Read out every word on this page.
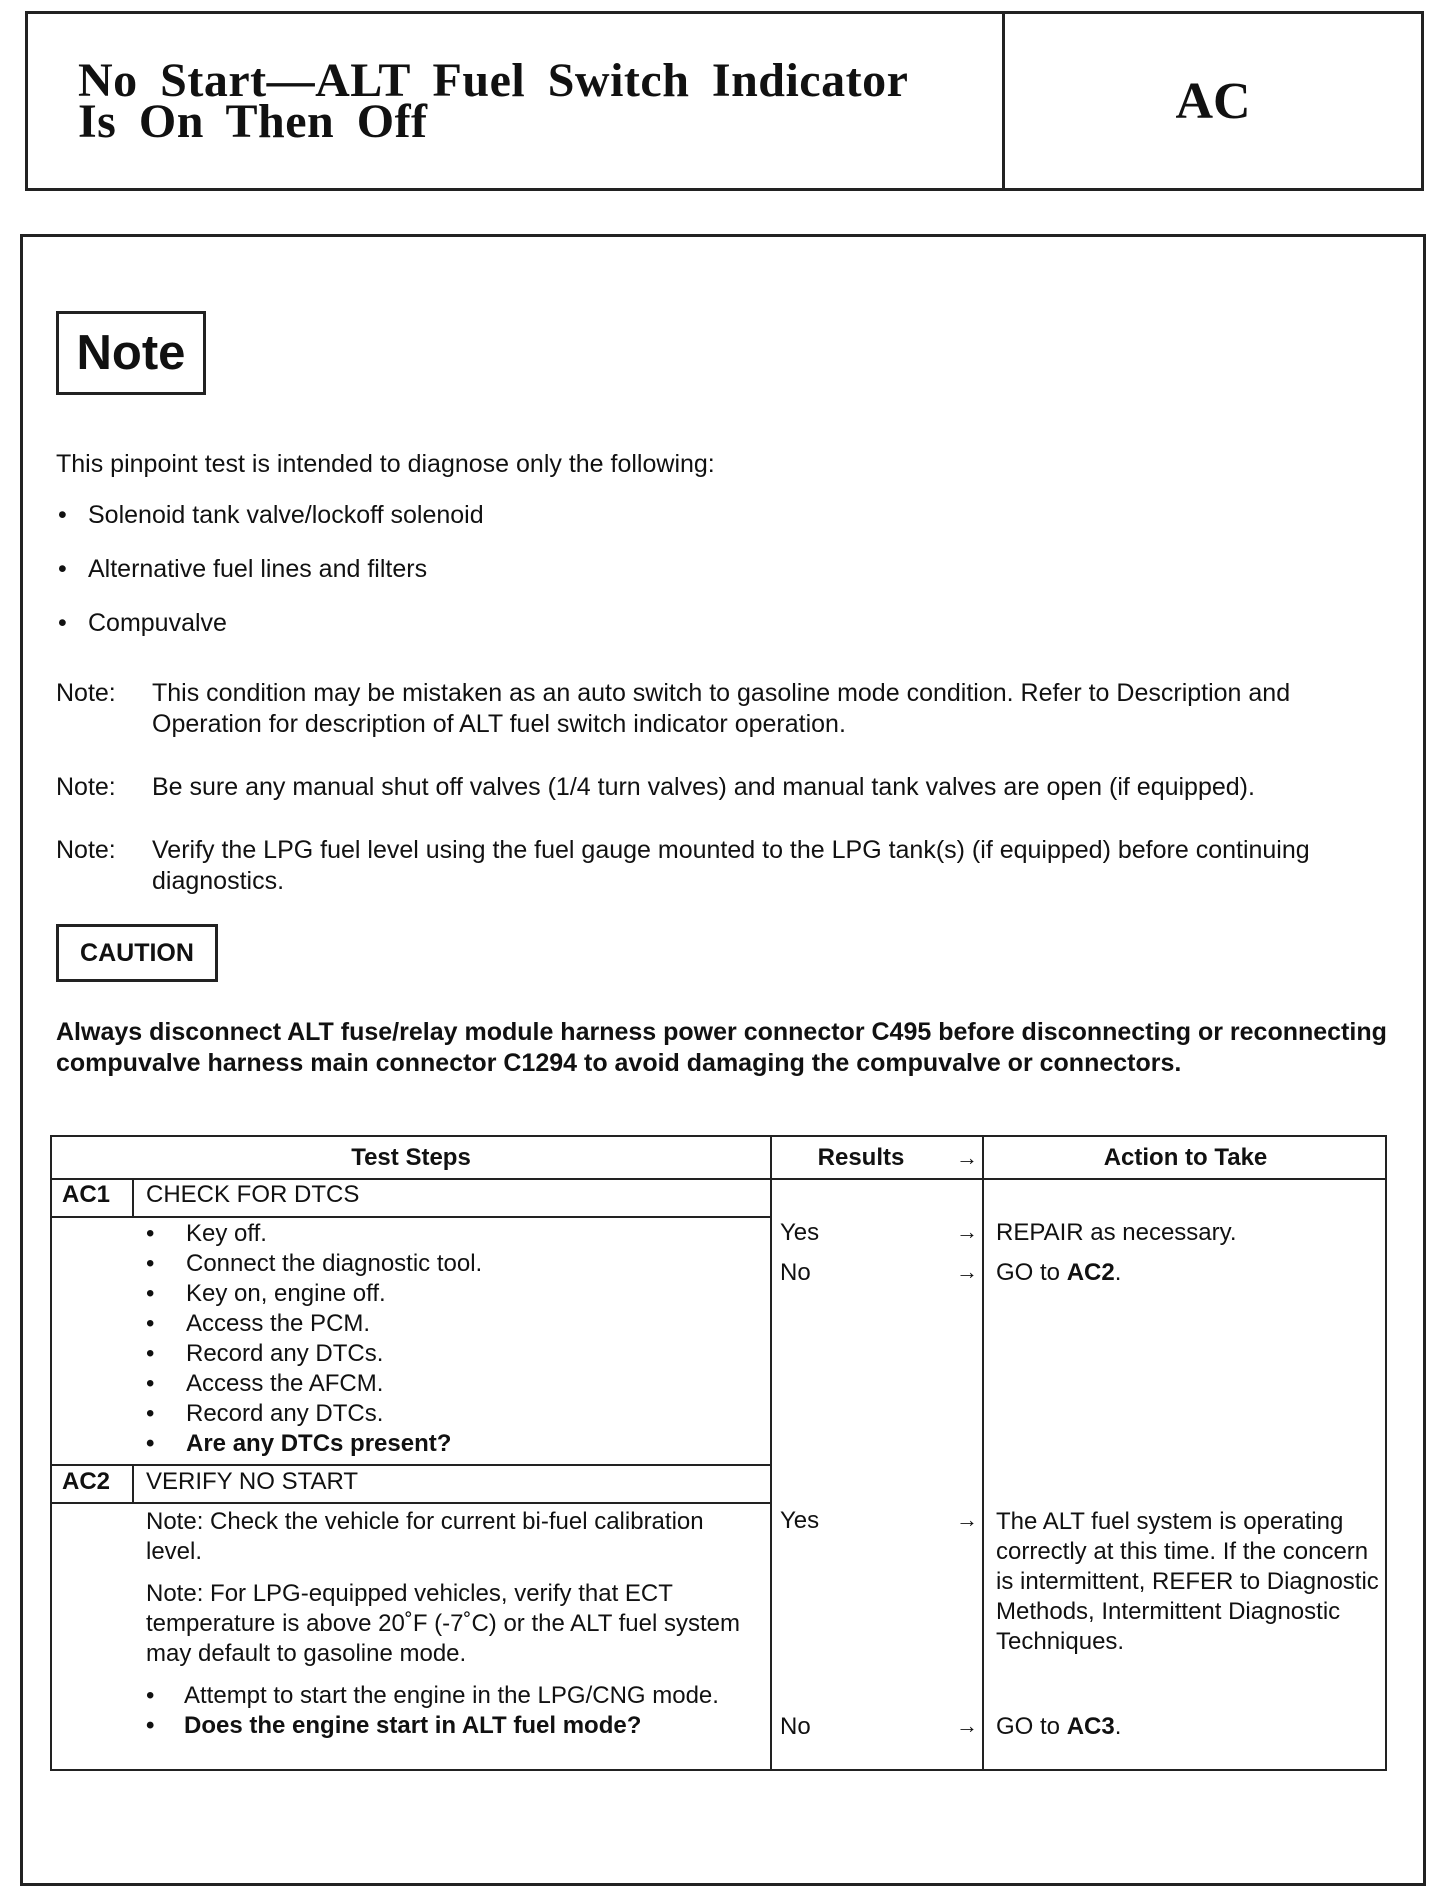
No Start—ALT Fuel Switch Indicator
Is On Then Off	AC
Note

This pinpoint test is intended to diagnose only the following:

• Solenoid tank valve/lockoff solenoid
• Alternative fuel lines and filters
• Compuvalve
Note:	This condition may be mistaken as an auto switch to gasoline mode condition. Refer to Description and Operation for description of ALT fuel switch indicator operation.
Note:	Be sure any manual shut off valves (1/4 turn valves) and manual tank valves are open (if equipped).
Note:	Verify the LPG fuel level using the fuel gauge mounted to the LPG tank(s) (if equipped) before continuing diagnostics.
CAUTION

Always disconnect ALT fuse/relay module harness power connector C495 before disconnecting or reconnecting compuvalve harness main connector C1294 to avoid damaging the compuvalve or connectors.

Test Steps	Results	→	Action to Take
AC1 CHECK FOR DTCS
•	Key off.
•	Connect the diagnostic tool.
•	Key on, engine off.
•	Access the PCM.
•	Record any DTCs.
•	Access the AFCM.
•	Record any DTCs.
•	Are any DTCs present?
Yes	→ REPAIR as necessary.
No	→ GO to AC2.
AC2 VERIFY NO START
Note: Check the vehicle for current bi-fuel calibration level.
Note: For LPG-equipped vehicles, verify that ECT temperature is above 20˚F (-7˚C) or the ALT fuel system may default to gasoline mode.
•	Attempt to start the engine in the LPG/CNG mode.
•	Does the engine start in ALT fuel mode?
Yes	→ The ALT fuel system is operating correctly at this time. If the concern is intermittent, REFER to Diagnostic Methods, Intermittent Diagnostic Techniques.
No	→ GO to AC3.
